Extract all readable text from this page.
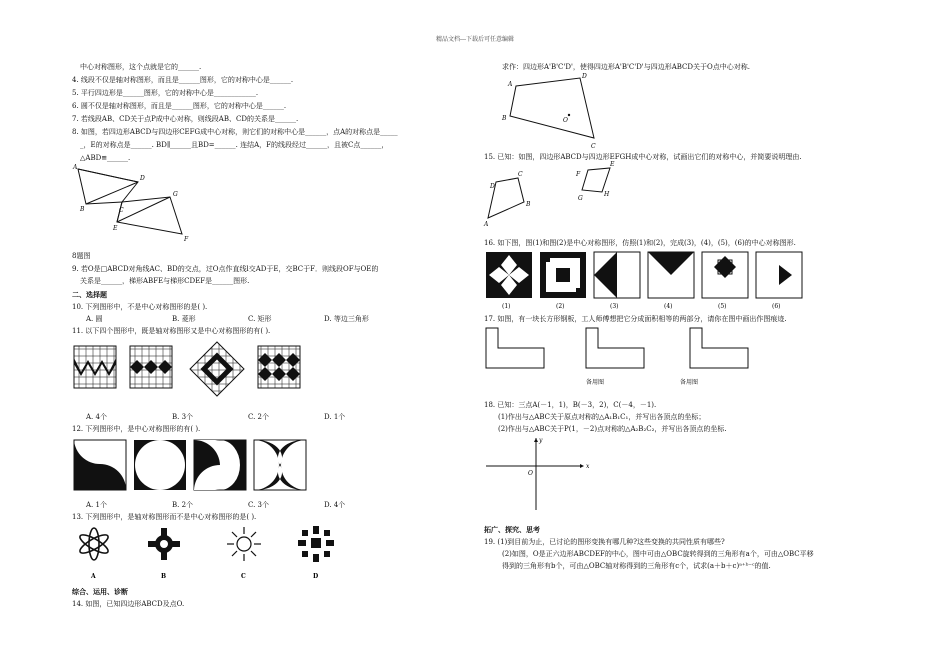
精品文档---下载后可任意编辑
中心对称图形，这个点就是它的______.
4. 线段不仅是轴对称图形，而且是______图形，它的对称中心是______.
5. 平行四边形是______图形，它的对称中心是____________.
6. 圆不仅是轴对称图形，而且是______图形，它的对称中心是______.
7. 若线段AB、CD关于点P成中心对称，则线段AB、CD的关系是______.
8. 如图，若四边形ABCD与四边形CEFG成中心对称，则它们的对称中心是______，点A的对称点是_____
_，E的对称点是______. BD∥______且BD=______. 连结A，F的线段经过______，且被C点______，
△ABD≌______.
A
B	C
D
E
F
G
8题图
9. 若O是□ABCD对角线AC、BD的交点，过O点作直线l交AD于E，交BC于F．则线段OF与OE的
关系是______，梯形ABFE与梯形CDEF是______图形.
二、选择题
10. 下列图形中，不是中心对称图形的是( ).
A. 圆	B. 菱形	C. 矩形	D. 等边三角形
11. 以下四个图形中，既是轴对称图形又是中心对称图形的有( ).
A. 4个	B. 3个	C. 2个	D. 1个
12. 下列图形中，是中心对称图形的有( ).
A. 1个	B. 2个	C. 3个	D. 4个
13. 下列图形中，是轴对称图形而不是中心对称图形的是( ).
A	B	C	D
综合、运用、诊断
14. 如图，已知四边形ABCD及点O.
求作：四边形A'B'C'D'，使得四边形A'B'C'D'与四边形ABCD关于O点中心对称.
A
B
C
D
O
15. 已知：如图，四边形ABCD与四边形EFGH成中心对称，试画出它们的对称中心，并简要说明理由.
D
C
B
A
F
E
H
G
16. 如下图，图(1)和图(2)是中心对称图形，仿照(1)和(2)，完成(3)，(4)，(5)，(6)的中心对称图形.
(1)	(2)	(3)	(4)	(5)	(6)
17. 如图，有一块长方形钢板，工人师傅想把它分成面积相等的两部分，请你在图中画出作图痕迹.
备用图	备用图
18. 已知：三点A(－1，1)，B(－3，2)，C(－4，－1).
(1)作出与△ABC关于原点对称的△A₁B₁C₁，并写出各顶点的坐标；
(2)作出与△ABC关于P(1，－2)点对称的△A₂B₂C₂，并写出各顶点的坐标.
x
y
O
拓广、探究、思考
19. (1)到目前为止，已讨论的图形变换有哪几种?这些变换的共同性质有哪些?
(2)如图，O是正六边形ABCDEF的中心，图中可由△OBC旋转得到的三角形有a个，可由△OBC平移
得到的三角形有b个，可由△OBC轴对称得到的三角形有c个，试求(a＋b＋c)ᵃ⁺ᵇ⁻ᶜ的值.
